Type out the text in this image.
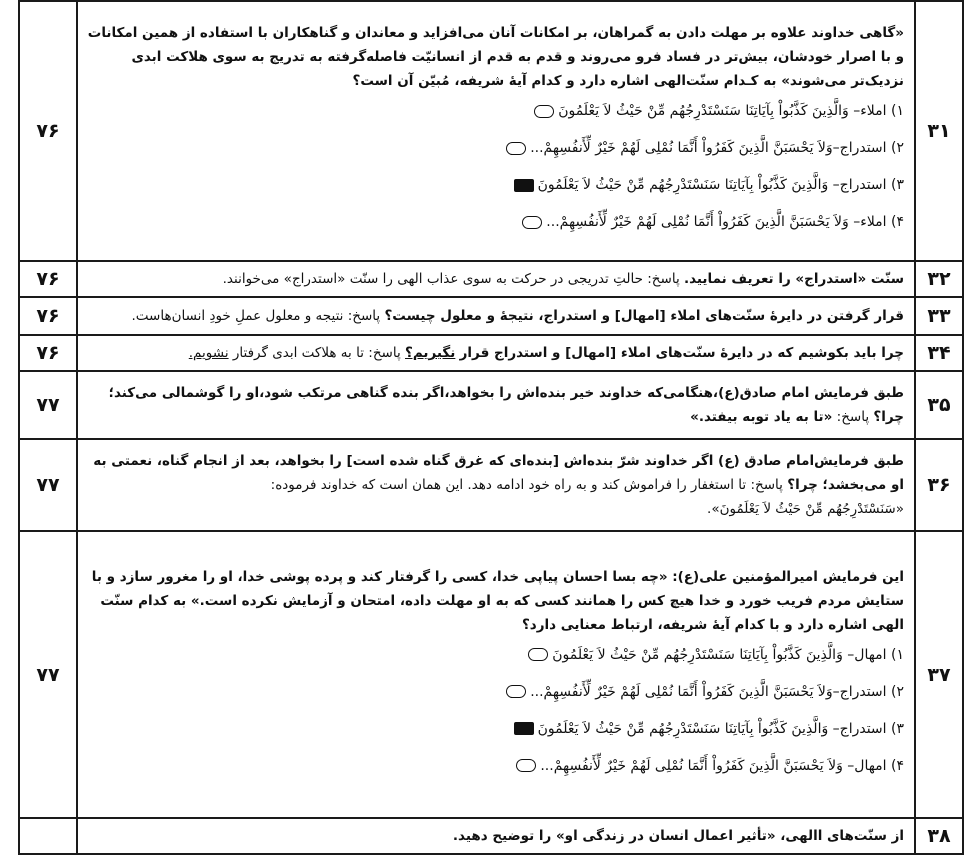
۷۶	«گاهی خداوند علاوه بر مهلت دادن به گمراهان، بر امکانات آنان می‌افزاید و معاندان و گناهکاران با استفاده از همین امکانات و با اصرار خودشان، بیش‌تر در فساد فرو می‌روند و قدم به قدم از انسانیّت فاصله‌گرفته به تدریج به سوی هلاکت ابدی نزدیک‌تر می‌شوند» به کـدام سنّت‌الهی اشاره دارد و کدام آیهٔ شریفه، مُبیّن آن است؟
۱) املاء– وَالَّذِینَ کَذَّبُواْ بِآیَاتِنَا سَنَسْتَدْرِجُهُم مِّنْ حَیْثُ لاَ یَعْلَمُونَ
۲) استدراج–وَلاَ یَحْسَبَنَّ الَّذِینَ کَفَرُواْ أَنَّمَا نُمْلِی لَهُمْ خَیْرٌ لِّأَنفُسِهِمْ...
۳) استدراج– وَالَّذِینَ کَذَّبُواْ بِآیَاتِنَا سَنَسْتَدْرِجُهُم مِّنْ حَیْثُ لاَ یَعْلَمُونَ
۴) املاء– وَلاَ یَحْسَبَنَّ الَّذِینَ کَفَرُواْ أَنَّمَا نُمْلِی لَهُمْ خَیْرٌ لِّأَنفُسِهِمْ...	۳۱
۷۶	سنّت «استدراج» را تعریف نمایید. پاسخ: حالتِ تدریجی در حرکت به سوی عذاب الهی را سنّت «استدراج» می‌خوانند.	۳۲
۷۶	قرار گرفتن در دایرهٔ سنّت‌های املاء [امهال] و استدراج، نتیجهٔ و معلول چیست؟ پاسخ: نتیجه و معلول عملِ خودِ انسان‌هاست.	۳۳
۷۶	چرا باید بکوشیم که در دایرهٔ سنّت‌های املاء [امهال] و استدراج قرار نگیریم؟ پاسخ: تا به هلاکت ابدی گرفتار نشویم.	۳۴
۷۷	طبق فرمایش امام صادق(ع)،هنگامی‌که خداوند خیر بنده‌اش را بخواهد،اگر بنده گناهی مرتکب شود،او را گوشمالی می‌کند؛ چرا؟ پاسخ: «تا به یاد توبه بیفتد.»	۳۵
۷۷	طبق فرمایش‌امام صادق (ع) اگر خداوند شرّ بنده‌اش [بنده‌ای که غرق گناه شده است] را بخواهد، بعد از انجام گناه، نعمتی به او می‌بخشد؛ چرا؟ پاسخ: تا استغفار را فراموش کند و به راه خود ادامه دهد. این همان است که خداوند فرموده:
«سَنَسْتَدْرِجُهُم مِّنْ حَیْثُ لاَ یَعْلَمُونَ».	۳۶
۷۷	این فرمایش امیرالمؤمنین علی(ع): «چه بسا احسان پیاپی خدا، کسی را گرفتار کند و پرده پوشی خدا، او را مغرور سازد و با ستایش مردم فریب خورد و خدا هیچ کس را همانند کسی که به او مهلت داده، امتحان و آزمایش نکرده است.» به کدام سنّت الهی اشاره دارد و با کدام آیهٔ شریفه، ارتباط معنایی دارد؟
۱) امهال– وَالَّذِینَ کَذَّبُواْ بِآیَاتِنَا سَنَسْتَدْرِجُهُم مِّنْ حَیْثُ لاَ یَعْلَمُونَ
۲) استدراج–وَلاَ یَحْسَبَنَّ الَّذِینَ کَفَرُواْ أَنَّمَا نُمْلِی لَهُمْ خَیْرٌ لِّأَنفُسِهِمْ...
۳) استدراج– وَالَّذِینَ کَذَّبُواْ بِآیَاتِنَا سَنَسْتَدْرِجُهُم مِّنْ حَیْثُ لاَ یَعْلَمُونَ
۴) امهال– وَلاَ یَحْسَبَنَّ الَّذِینَ کَفَرُواْ أَنَّمَا نُمْلِی لَهُمْ خَیْرٌ لِّأَنفُسِهِمْ...	۳۷
	از سنّت‌های االهی، «تأثیر اعمال انسان در زندگی او» را توضیح دهید.	۳۸
